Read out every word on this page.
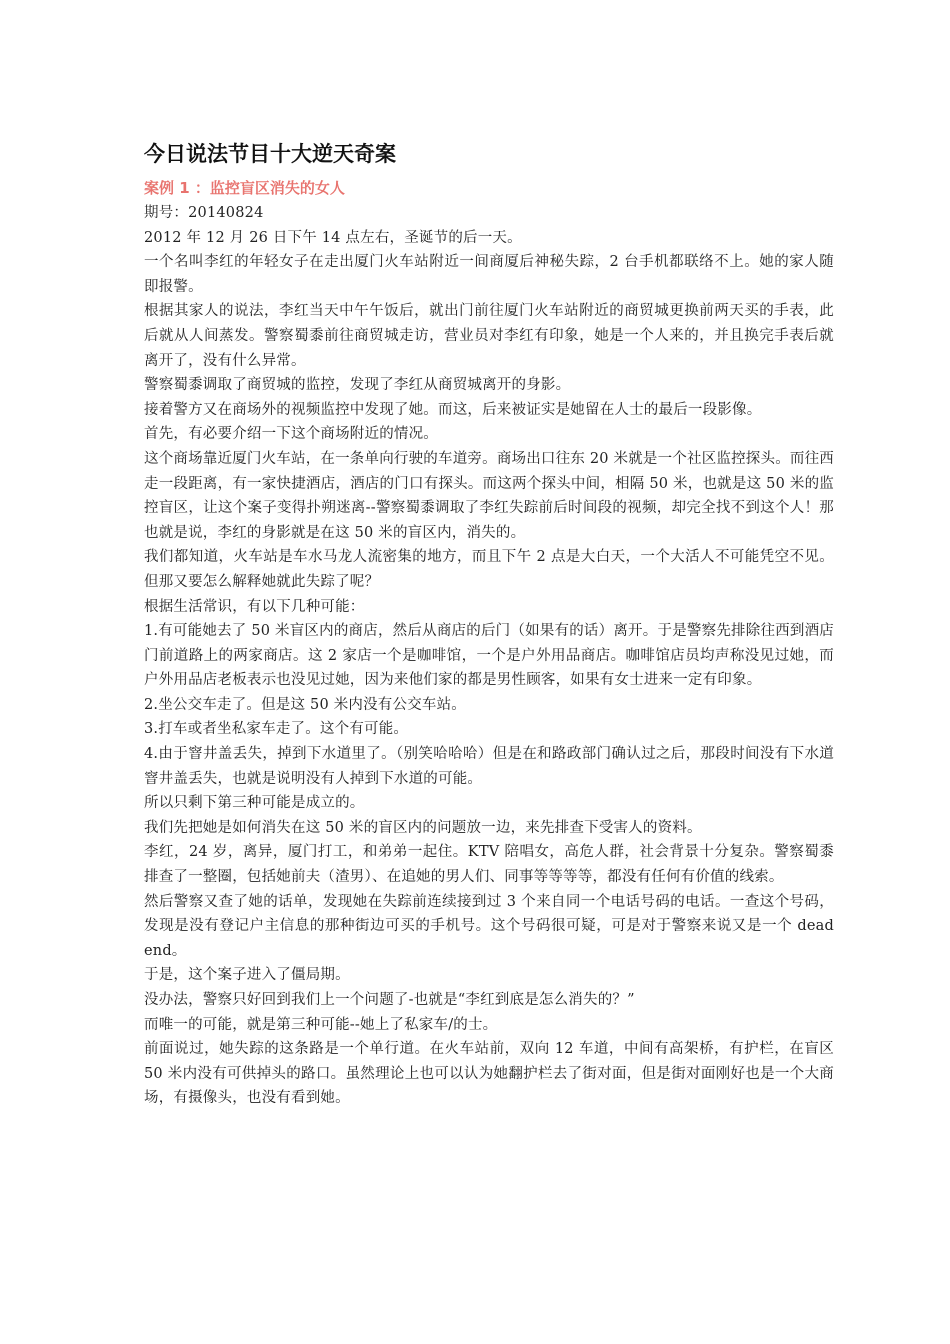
今日说法节目十大逆天奇案
案例 1 ：监控盲区消失的女人

期号：20140824

2012 年 12 月 26 日下午 14 点左右，圣诞节的后一天。

一个名叫李红的年轻女子在走出厦门火车站附近一间商厦后神秘失踪，2 台手机都联络不上。她的家人随即报警。

根据其家人的说法，李红当天中午午饭后，就出门前往厦门火车站附近的商贸城更换前两天买的手表，此后就从人间蒸发。警察蜀黍前往商贸城走访，营业员对李红有印象，她是一个人来的，并且换完手表后就离开了，没有什么异常。

警察蜀黍调取了商贸城的监控，发现了李红从商贸城离开的身影。

接着警方又在商场外的视频监控中发现了她。而这，后来被证实是她留在人士的最后一段影像。

首先，有必要介绍一下这个商场附近的情况。

这个商场靠近厦门火车站，在一条单向行驶的车道旁。商场出口往东 20 米就是一个社区监控探头。而往西走一段距离，有一家快捷酒店，酒店的门口有探头。而这两个探头中间，相隔 50 米，也就是这 50 米的监控盲区，让这个案子变得扑朔迷离--警察蜀黍调取了李红失踪前后时间段的视频，却完全找不到这个人！那也就是说，李红的身影就是在这 50 米的盲区内，消失的。

我们都知道，火车站是车水马龙人流密集的地方，而且下午 2 点是大白天，一个大活人不可能凭空不见。但那又要怎么解释她就此失踪了呢？

根据生活常识，有以下几种可能：

1.有可能她去了 50 米盲区内的商店，然后从商店的后门（如果有的话）离开。于是警察先排除往西到酒店门前道路上的两家商店。这 2 家店一个是咖啡馆，一个是户外用品商店。咖啡馆店员均声称没见过她，而户外用品店老板表示也没见过她，因为来他们家的都是男性顾客，如果有女士进来一定有印象。

2.坐公交车走了。但是这 50 米内没有公交车站。

3.打车或者坐私家车走了。这个有可能。

4.由于窨井盖丢失，掉到下水道里了。（别笑哈哈哈）但是在和路政部门确认过之后，那段时间没有下水道窨井盖丢失，也就是说明没有人掉到下水道的可能。

所以只剩下第三种可能是成立的。

我们先把她是如何消失在这 50 米的盲区内的问题放一边，来先排查下受害人的资料。

李红，24 岁，离异，厦门打工，和弟弟一起住。KTV 陪唱女，高危人群，社会背景十分复杂。警察蜀黍排查了一整圈，包括她前夫（渣男）、在追她的男人们、同事等等等等，都没有任何有价值的线索。

然后警察又查了她的话单，发现她在失踪前连续接到过 3 个来自同一个电话号码的电话。一查这个号码，发现是没有登记户主信息的那种街边可买的手机号。这个号码很可疑，可是对于警察来说又是一个 dead end。

于是，这个案子进入了僵局期。

没办法，警察只好回到我们上一个问题了-也就是“李红到底是怎么消失的？”

而唯一的可能，就是第三种可能--她上了私家车/的士。

前面说过，她失踪的这条路是一个单行道。在火车站前，双向 12 车道，中间有高架桥，有护栏，在盲区 50 米内没有可供掉头的路口。虽然理论上也可以认为她翻护栏去了街对面，但是街对面刚好也是一个大商场，有摄像头，也没有看到她。
